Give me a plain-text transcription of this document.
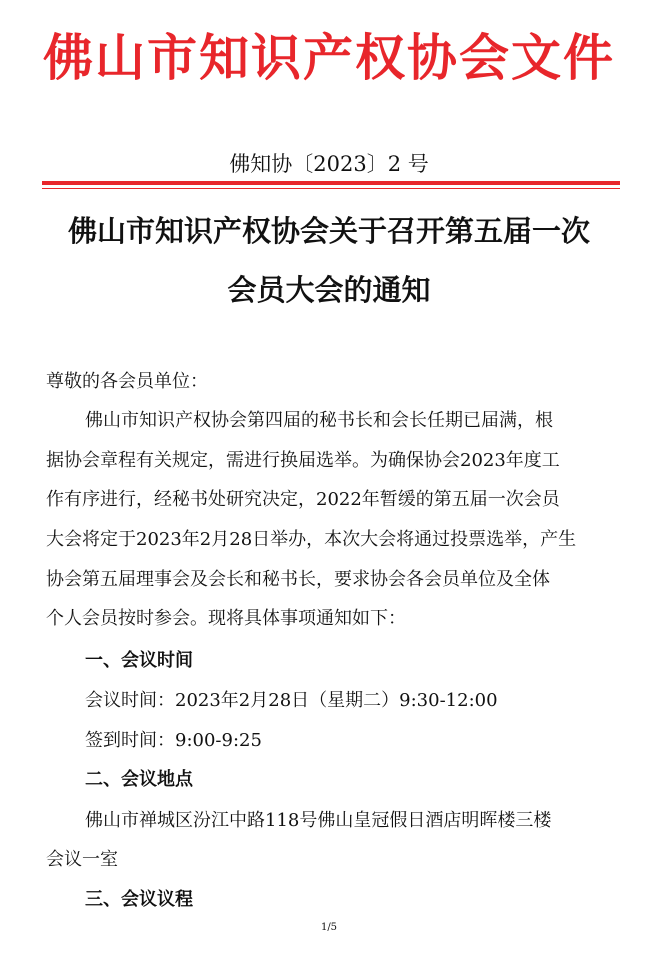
佛山市知识产权协会文件
佛知协〔2023〕2 号
佛山市知识产权协会关于召开第五届一次
会员大会的通知
尊敬的各会员单位：
佛山市知识产权协会第四届的秘书长和会长任期已届满，根
据协会章程有关规定，需进行换届选举。为确保协会2023年度工
作有序进行，经秘书处研究决定，2022年暂缓的第五届一次会员
大会将定于2023年2月28日举办，本次大会将通过投票选举，产生
协会第五届理事会及会长和秘书长，要求协会各会员单位及全体
个人会员按时参会。现将具体事项通知如下：
一、会议时间
会议时间：2023年2月28日（星期二）9:30-12:00
签到时间：9:00-9:25
二、会议地点
佛山市禅城区汾江中路118号佛山皇冠假日酒店明晖楼三楼
会议一室
三、会议议程
1/5
